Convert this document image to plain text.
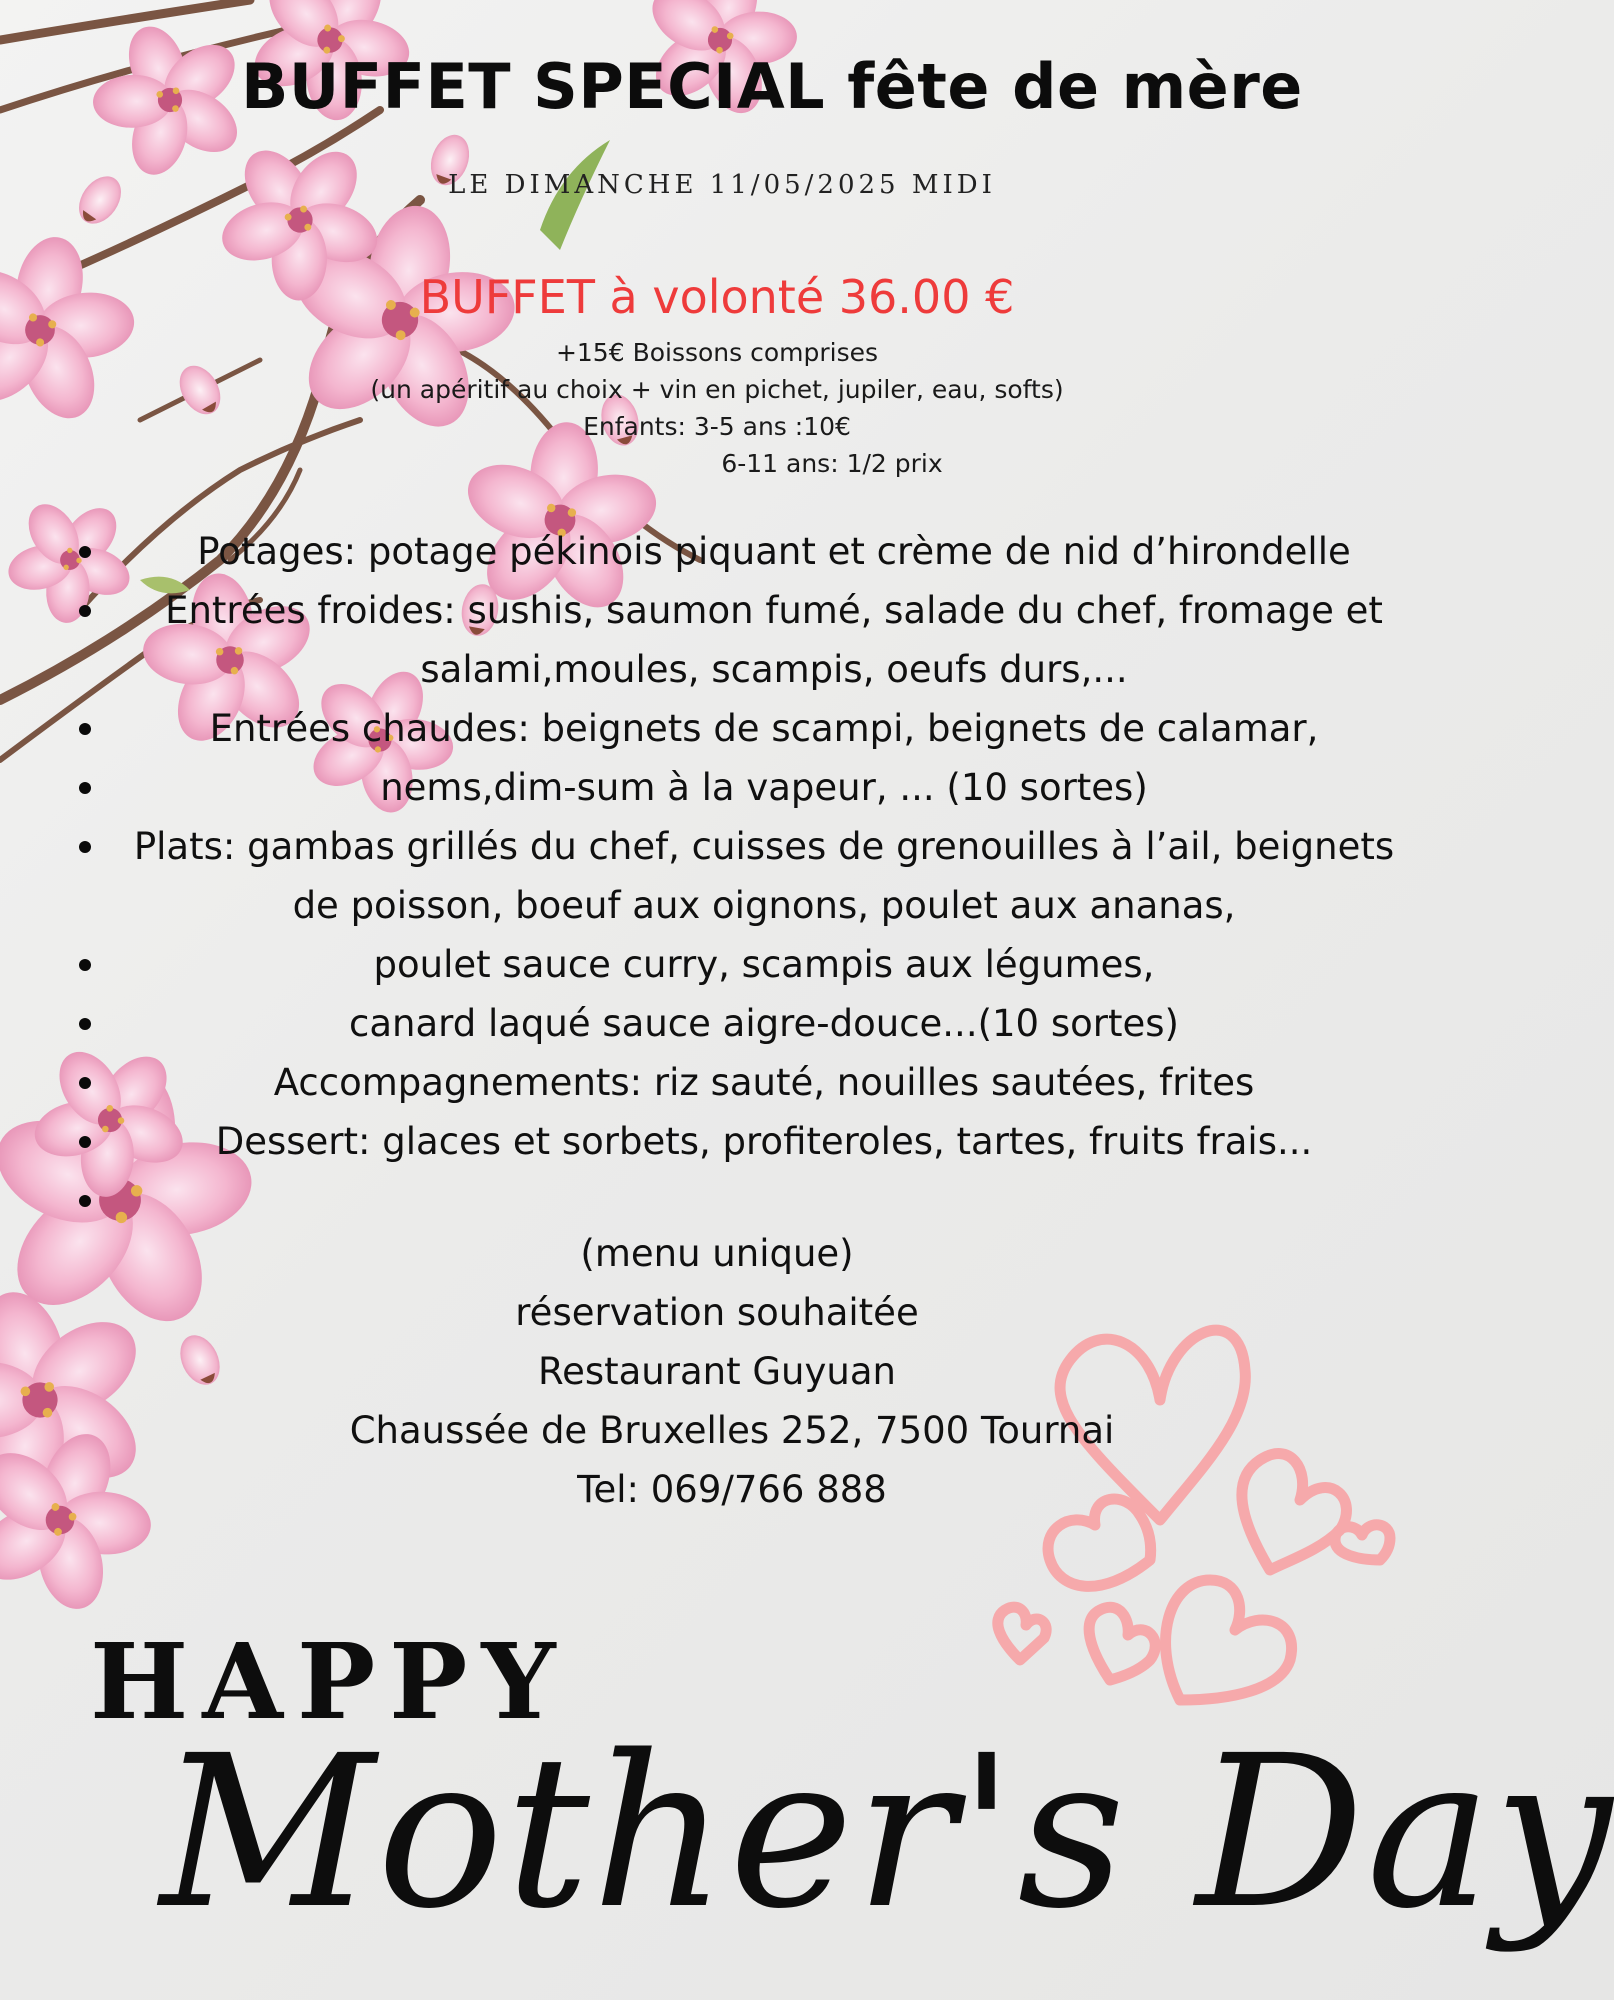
BUFFET SPECIAL fête de mère
LE DIMANCHE 11/05/2025 MIDI
BUFFET à volonté 36.00 €
+15€ Boissons comprises
(un apéritif au choix + vin en pichet, jupiler, eau, softs)
Enfants: 3-5 ans :10€
6-11 ans: 1/2 prix
Potages: potage pékinois piquant et crème de nid d’hirondelle
Entrées froides: sushis, saumon fumé, salade du chef, fromage et salami,moules, scampis, oeufs durs,...
Entrées chaudes: beignets de scampi, beignets de calamar,
nems,dim-sum à la vapeur, ... (10 sortes)
Plats: gambas grillés du chef, cuisses de grenouilles à l’ail, beignets de poisson, boeuf aux oignons, poulet aux ananas,
poulet sauce curry, scampis aux légumes,
canard laqué sauce aigre-douce...(10 sortes)
Accompagnements: riz sauté, nouilles sautées, frites
Dessert: glaces et sorbets, profiteroles, tartes, fruits frais...

(menu unique)
réservation souhaitée
Restaurant Guyuan
Chaussée de Bruxelles 252, 7500 Tournai
Tel: 069/766 888
HAPPY
Mother's Day
